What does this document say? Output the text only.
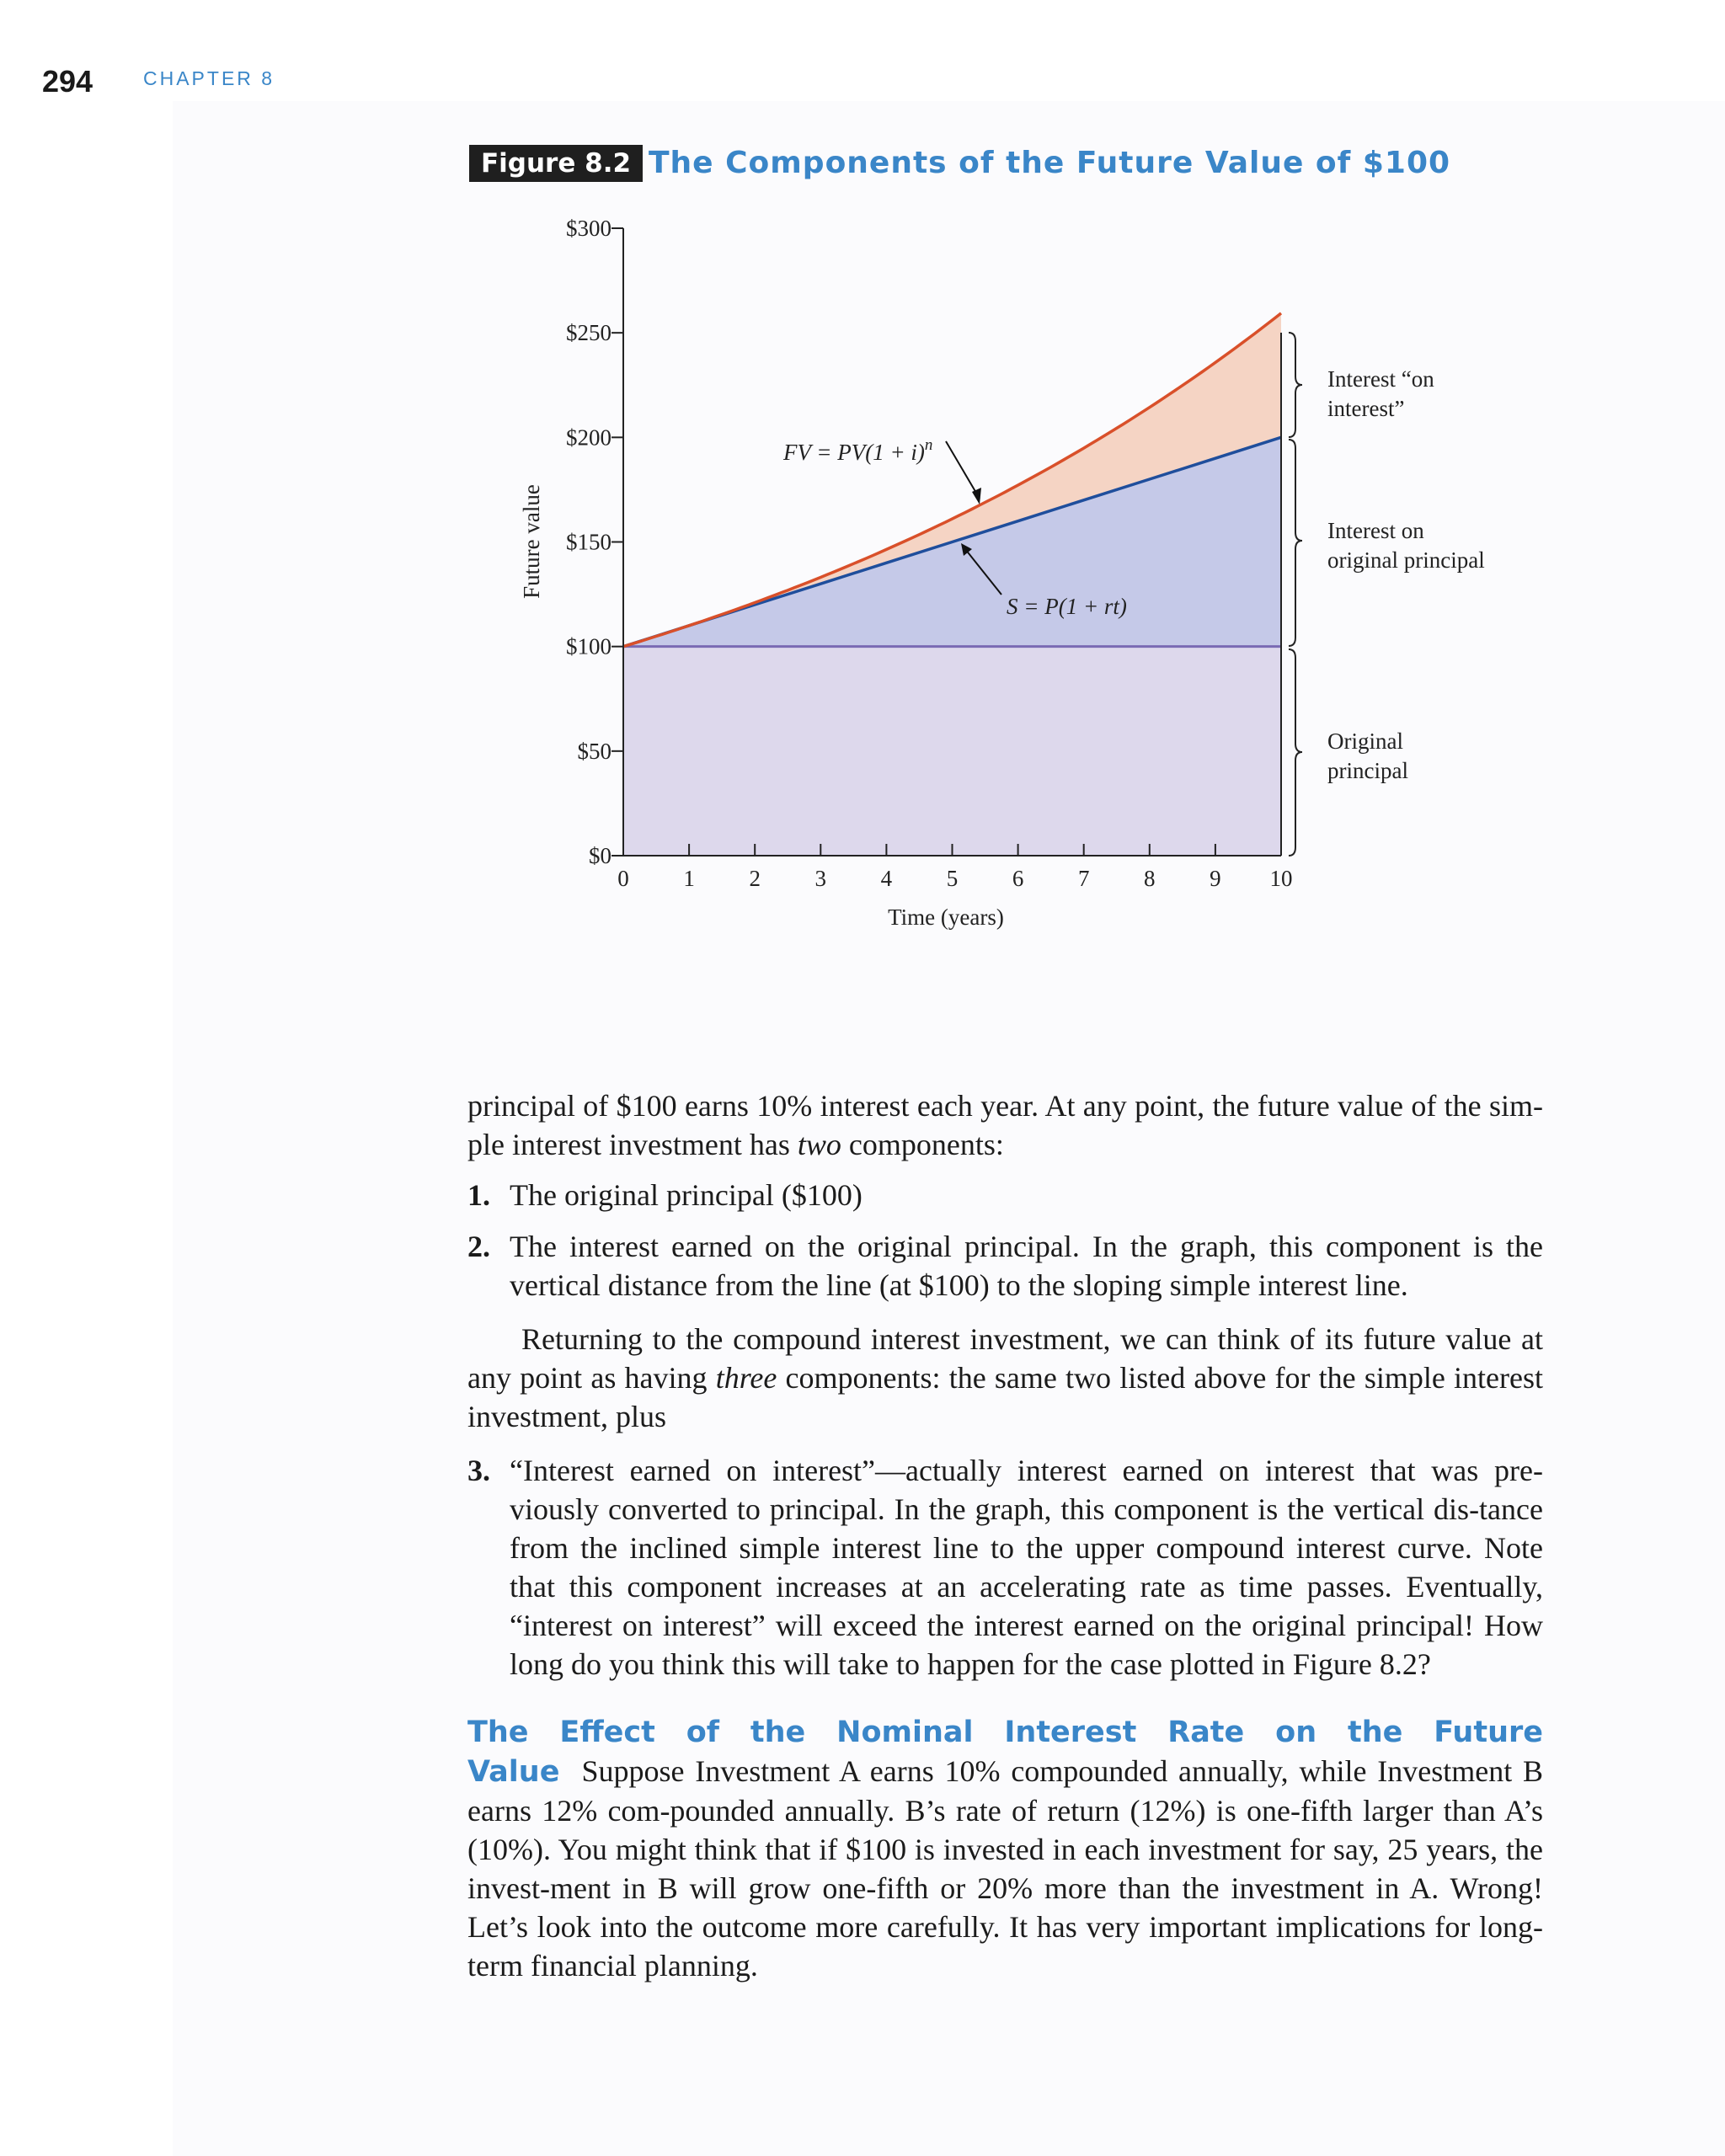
294	CHAPTER 8
Figure 8.2 The Components of the Future Value of $100
$0
$50
$100
$150
$200
$250
$300
0 1 2 3 4 5 6 7 8 9 10
Time (years)
Future value
FV = $PV(1 + i)^n$
S = P(1 + rt)
Interest “on interest”
Interest on original principal
Original principal

principal of $100 earns 10% interest each year. At any point, the future value of the sim-ple interest investment has two components:

1. The original principal ($100)

2. The interest earned on the original principal. In the graph, this component is the vertical distance from the line (at $100) to the sloping simple interest line.

Returning to the compound interest investment, we can think of its future value at any point as having three components: the same two listed above for the simple interest investment, plus

3. “Interest earned on interest”—actually interest earned on interest that was pre-viously converted to principal. In the graph, this component is the vertical dis-tance from the inclined simple interest line to the upper compound interest curve. Note that this component increases at an accelerating rate as time passes. Eventually, “interest on interest” will exceed the interest earned on the original principal! How long do you think this will take to happen for the case plotted in Figure 8.2?

The Effect of the Nominal Interest Rate on the Future Value Suppose Investment A earns 10% compounded annually, while Investment B earns 12% com-pounded annually. B’s rate of return (12%) is one-fifth larger than A’s (10%). You might think that if $100 is invested in each investment for say, 25 years, the invest-ment in B will grow one-fifth or 20% more than the investment in A. Wrong! Let’s look into the outcome more carefully. It has very important implications for long-term financial planning.
